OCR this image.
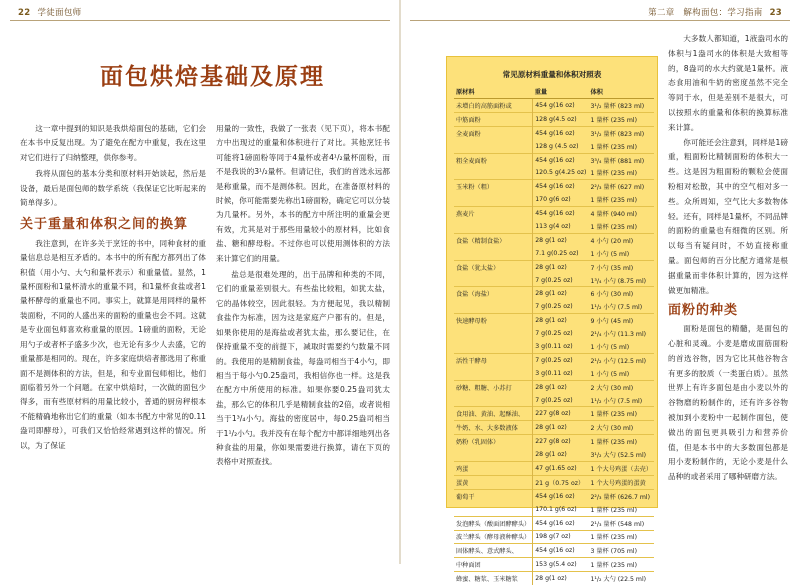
22 学徒面包师	第二章　解构面包：学习指南 23
面包烘焙基础及原理

这一章中提到的知识是我烘焙面包的基础，它们会在本书中反复出现。为了避免在配方中重复，我在这里对它们进行了归纳整理，供你参考。

我将从面包的基本分类和原材料开始谈起，然后是设备，最后是面包师的数学系统（我保证它比听起来的简单得多）。

关于重量和体积之间的换算

我注意到，在许多关于烹饪的书中，同种食材的重量信息总是相互矛盾的。本书中的所有配方都列出了体积值（用小勺、大勺和量杯表示）和重量值。显然，1量杯面粉和1量杯清水的重量不同，和1量杯食盐或者1量杯酵母的重量也不同。事实上，就算是用同样的量杯装面粉，不同的人盛出来的面粉的重量也会不同。这就是专业面包师喜欢称重量的原因。1磅重的面粉，无论用勺子或者杯子盛多少次，也无论有多少人去盛，它的重量都是相同的。现在，许多家庭烘焙者都选用了称重面不是测体积的方法，但是，和专业面包师相比，他们面临着另外一个问题。在家中烘焙时，一次做的面包少得多，而有些原材料的用量比较小，普通的厨房秤根本不能精确地称出它们的重量（如本书配方中常见的0.11盎司即酵母），可我们又恰恰经常遇到这样的情况。所以，为了保证

用量的一致性，我做了一张表（见下页），将本书配方中出现过的重量和体积进行了对比。其他烹饪书可能将1磅面粉等同于4量杯或者4¹/₂量杯面粉，而不是我说的3¹/₂量杯。但请记住，我们的首选永远都是称重量，而不是测体积。因此，在准备原材料的时候，你可能需要先称出1磅面粉，确定它可以分装为几量杯。另外，本书的配方中所注明的重量会更有效，尤其是对于那些用量较小的原材料，比如食盐、糖和酵母粉。不过你也可以使用测体积的方法来计算它们的用量。

盐总是很难处理的，出于品牌和种类的不同，它们的重量差别很大。有些盐比较粗，如犹太盐，它的晶体较空，因此很轻。为方便起见，我以精制食盐作为标准，因为这是家庭产户都有的。但是，如果你使用的是海盐或者犹太盐，那么要记住，在保持重量不变的前提下，减取时需要约勺数量不同的。我使用的是精制食盐，每盎司相当于4小勺，即相当于每小勺0.25盎司，我相信你也一样。这是我在配方中所使用的标准。如果你要0.25盎司犹太盐，那么它的体积几乎是精制食盐的2倍，或者说相当于1³/₄小勺。海盐的密度居中，每0.25盎司相当于1¹/₂小勺。我并没有在每个配方中都详细地列出各种食盐的用量，你如果需要进行换算，请在下页的表格中对照查找。

常见原材料重量和体积对照表
原材料	重量	体积
未增白的高筋面粉或	454 g(16 oz)	3¹/₂ 量杯 (823 ml)
中筋面粉	128 g(4.5 oz)	1 量杯 (235 ml)
全麦面粉	454 g(16 oz)	3¹/₂ 量杯 (823 ml)
	128 g (4.5 oz)	1 量杯 (235 ml)
粗全麦面粉	454 g(16 oz)	3³/₄ 量杯 (881 ml)
	120.5 g(4.25 oz)	1 量杯 (235 ml)
玉米粉（粗）	454 g(16 oz)	2²/₃ 量杯 (627 ml)
	170 g(6 oz)	1 量杯 (235 ml)
燕麦片	454 g(16 oz)	4 量杯 (940 ml)
	113 g(4 oz)	1 量杯 (235 ml)
食盐（精制食盐）	28 g(1 oz)	4 小勺 (20 ml)
	7.1 g(0.25 oz)	1 小勺 (5 ml)
食盐（犹太盐）	28 g(1 oz)	7 小勺 (35 ml)
	7 g(0.25 oz)	1³/₄ 小勺 (8.75 ml)
食盐（海盐）	28 g(1 oz)	6 小勺 (30 ml)
	7 g(0.25 oz)	1¹/₂ 小勺 (7.5 ml)
快速酵母粉	28 g(1 oz)	9 小勺 (45 ml)
	7 g(0.25 oz)	2¹/₄ 小勺 (11.3 ml)
	3 g(0.11 oz)	1 小勺 (5 ml)
活性干酵母	7 g(0.25 oz)	2¹/₂ 小勺 (12.5 ml)
	3 g(0.11 oz)	1 小勺 (5 ml)
砂糖、粗糖、小苏打	28 g(1 oz)	2 大勺 (30 ml)
	7 g(0.25 oz)	1¹/₂ 小勺 (7.5 ml)
食用油、黄油、起酥油、	227 g(8 oz)	1 量杯 (235 ml)
牛奶、水、大多数液体	28 g(1 oz)	2 大勺 (30 ml)
奶粉（乳固体）	227 g(8 oz)	1 量杯 (235 ml)
	28 g(1 oz)	3¹/₂ 大勺 (52.5 ml)
鸡蛋	47 g(1.65 oz)	1 个大号鸡蛋（去壳）
蛋黄	21 g（0.75 oz）	1 个大号鸡蛋的蛋黄
葡萄干	454 g(16 oz)	2²/₃ 量杯 (626.7 ml)
	170.1 g(6 oz)	1 量杯 (235 ml)
发泡酵头（酸面团酵酵头）	454 g(16 oz)	2¹/₃ 量杯 (548 ml)
波兰酵头（酵母液种酵头）	198 g(7 oz)	1 量杯 (235 ml)
固体酵头、意式酵头、	454 g(16 oz)	3 量杯 (705 ml)
中种面团	153 g(5.4 oz)	1 量杯 (235 ml)
蜂蜜、糖浆、玉米糖浆	28 g(1 oz)	1¹/₂ 大勺 (22.5 ml)

大多数人都知道，1液盎司水的体积与1盎司水的体积是大致相等的，8盎司的水大约就是1量杯。液态食用油和牛奶的密度虽然不完全等同于水，但是差别不是很大，可以按照水的重量和体积的换算标准来计算。

你可能还会注意到，同样是1磅重，粗面粉比精制面粉的体积大一些。这是因为粗面粉的颗粒会使面粉相对松散，其中的空气相对多一些。众所周知，空气比大多数物体轻。还有，同样是1量杯，不同品牌的面粉的重量也有细微的区别。所以每当有疑问时，不妨直接称重量。面包师的百分比配方通常是根据重量而非体积计算的，因为这样做更加精准。

面粉的种类

面粉是面包的精髓，是面包的心脏和灵魂。小麦是磨成面筋面粉的首选谷物，因为它比其他谷物含有更多的胶质（一类蛋白质）。虽然世界上有许多面包是由小麦以外的谷物磨的粉制作的，还有许多谷物被加到小麦粉中一起制作面包，使做出的面包更具吸引力和营养价值，但是本书中的大多数面包都是用小麦粉制作的，无论小麦是什么品种的或者采用了哪种研磨方法。
